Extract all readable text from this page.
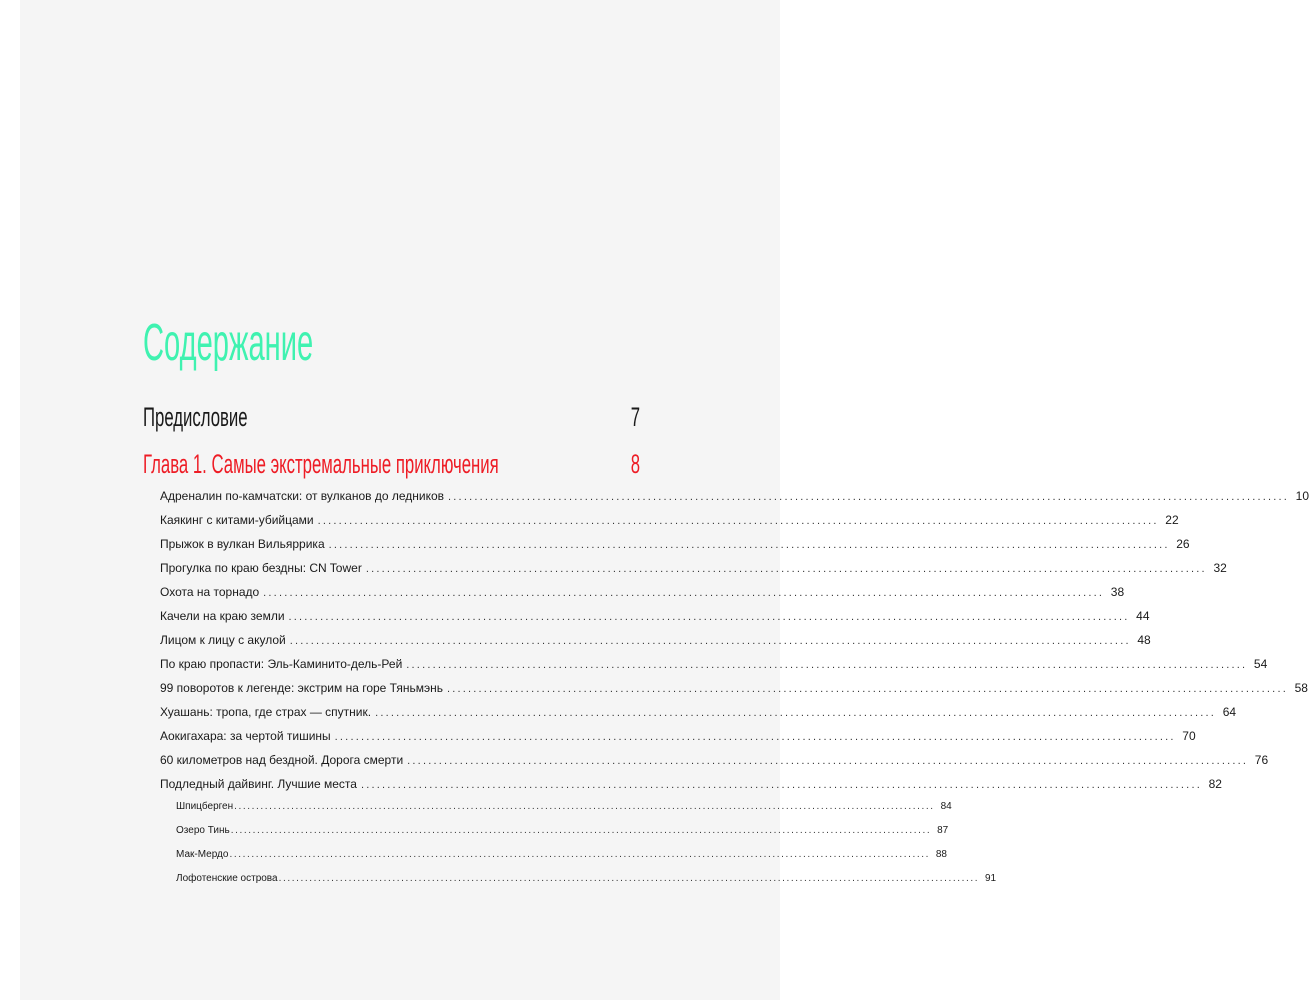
Содержание
Предисловие	7
Глава 1. Самые экстремальные приключения	8
Адреналин по-камчатски: от вулканов до ледников ................................................................................................................................................................ 10
Каякинг с китами-убийцами ................................................................................................................................................................ 22
Прыжок в вулкан Вильяррика ................................................................................................................................................................ 26
Прогулка по краю бездны: CN Tower ................................................................................................................................................................ 32
Охота на торнадо ................................................................................................................................................................ 38
Качели на краю земли ................................................................................................................................................................ 44
Лицом к лицу с акулой ................................................................................................................................................................ 48
По краю пропасти: Эль-Каминито-дель-Рей ................................................................................................................................................................ 54
99 поворотов к легенде: экстрим на горе Тяньмэнь ................................................................................................................................................................ 58
Хуашань: тропа, где страх — спутник. ................................................................................................................................................................ 64
Аокигахара: за чертой тишины ................................................................................................................................................................ 70
60 километров над бездной. Дорога смерти ................................................................................................................................................................ 76
Подледный дайвинг. Лучшие места ................................................................................................................................................................ 82
Шпицберген ................................................................................................................................................................ 84
Озеро Тинь ................................................................................................................................................................ 87
Мак-Мердо ................................................................................................................................................................ 88
Лофотенские острова ................................................................................................................................................................ 91
